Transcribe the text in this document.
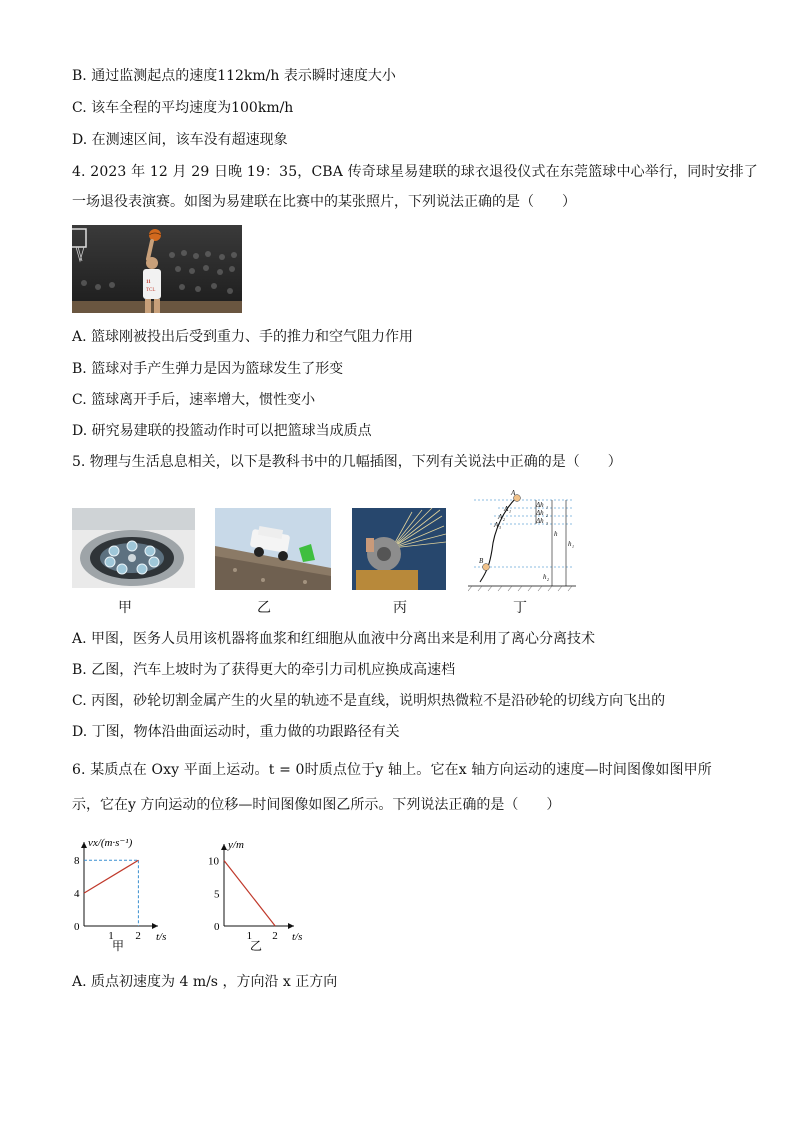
B. 通过监测起点的速度112km/h 表示瞬时速度大小
C. 该车全程的平均速度为100km/h
D. 在测速区间，该车没有超速现象
4. 2023 年 12 月 29 日晚 19：35，CBA 传奇球星易建联的球衣退役仪式在东莞篮球中心举行，同时安排了
一场退役表演赛。如图为易建联在比赛中的某张照片，下列说法正确的是（　　）
11
TCL
A. 篮球刚被投出后受到重力、手的推力和空气阻力作用
B. 篮球对手产生弹力是因为篮球发生了形变
C. 篮球离开手后，速率增大，惯性变小
D. 研究易建联的投篮动作时可以把篮球当成质点
5. 物理与生活息息相关，以下是教科书中的几幅插图，下列有关说法中正确的是（　　）
A
A 1
A 2
A 3
B
Δh 1
Δh 2
Δh 3
h
h 1
h 2
甲	乙	丙	丁
A. 甲图，医务人员用该机器将血浆和红细胞从血液中分离出来是利用了离心分离技术
B. 乙图，汽车上坡时为了获得更大的牵引力司机应换成高速档
C. 丙图，砂轮切割金属产生的火星的轨迹不是直线，说明炽热微粒不是沿砂轮的切线方向飞出的
D. 丁图，物体沿曲面运动时，重力做的功跟路径有关
6. 某质点在 Oxy 平面上运动。t = 0时质点位于y 轴上。它在x 轴方向运动的速度—时间图像如图甲所
示，它在y 方向运动的位移—时间图像如图乙所示。下列说法正确的是（　　）
t/s
vx/(m·s⁻¹)
0
1 2
4
8
甲
t/s
y/m
0
1 2
5
10
乙
A. 质点初速度为 4 m/s ，方向沿 x 正方向
